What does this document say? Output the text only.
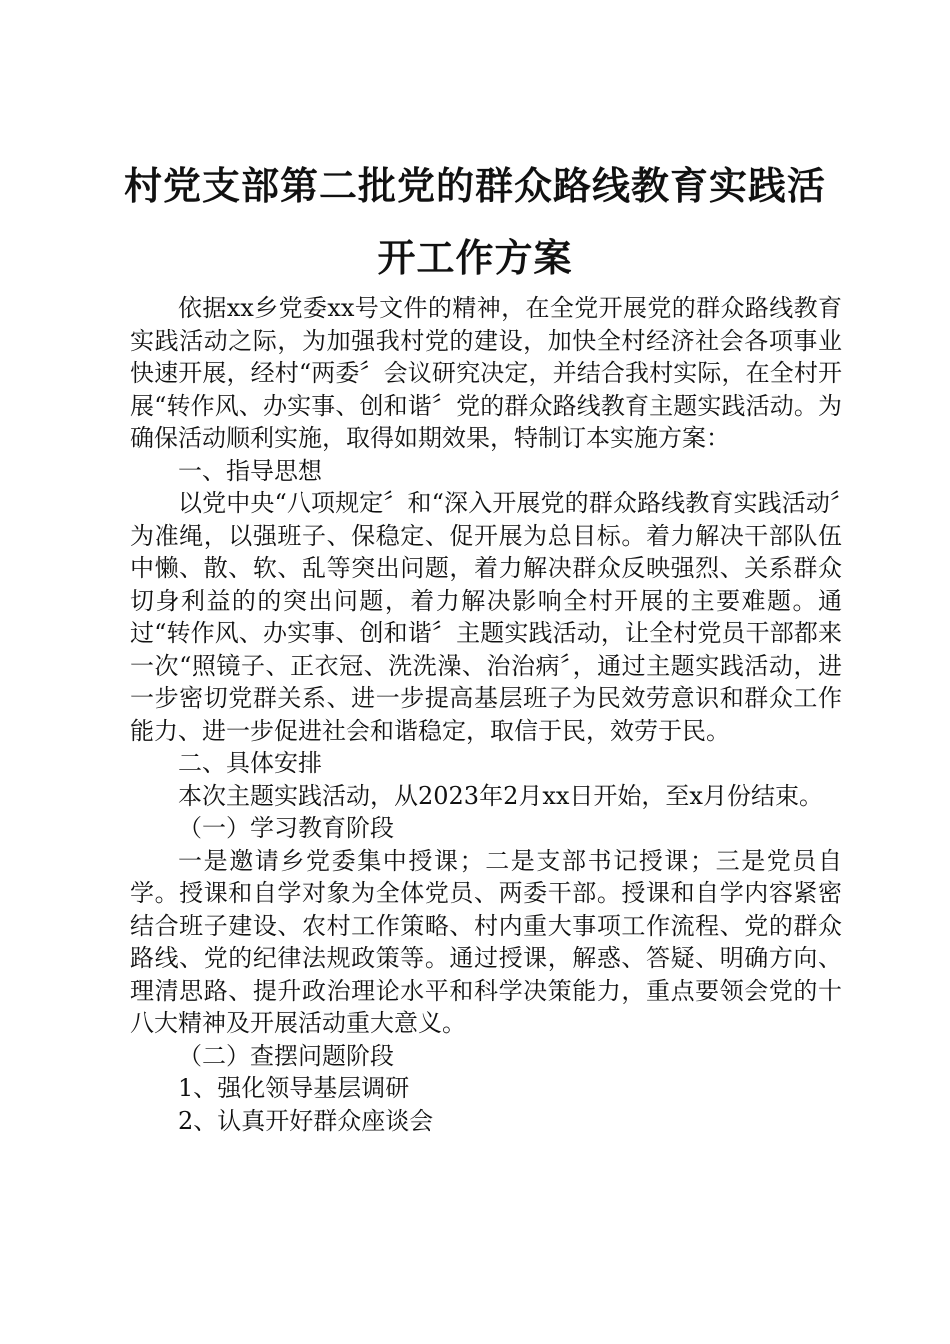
村党支部第二批党的群众路线教育实践活开工作方案

依据xx乡党委xx号文件的精神，在全党开展党的群众路线教育实践活动之际，为加强我村党的建设，加快全村经济社会各项事业快速开展，经村“两委〞会议研究决定，并结合我村实际，在全村开展“转作风、办实事、创和谐〞党的群众路线教育主题实践活动。为确保活动顺利实施，取得如期效果，特制订本实施方案：

一、指导思想

以党中央“八项规定〞和“深入开展党的群众路线教育实践活动〞为准绳，以强班子、保稳定、促开展为总目标。着力解决干部队伍中懒、散、软、乱等突出问题，着力解决群众反映强烈、关系群众切身利益的的突出问题，着力解决影响全村开展的主要难题。通过“转作风、办实事、创和谐〞主题实践活动，让全村党员干部都来一次“照镜子、正衣冠、洗洗澡、治治病〞，通过主题实践活动，进一步密切党群关系、进一步提高基层班子为民效劳意识和群众工作能力、进一步促进社会和谐稳定，取信于民，效劳于民。

二、具体安排

本次主题实践活动，从2023年2月xx日开始，至x月份结束。

（一）学习教育阶段

一是邀请乡党委集中授课；二是支部书记授课；三是党员自学。授课和自学对象为全体党员、两委干部。授课和自学内容紧密结合班子建设、农村工作策略、村内重大事项工作流程、党的群众路线、党的纪律法规政策等。通过授课，解惑、答疑、明确方向、理清思路、提升政治理论水平和科学决策能力，重点要领会党的十八大精神及开展活动重大意义。

（二）查摆问题阶段

1、强化领导基层调研

2、认真开好群众座谈会
